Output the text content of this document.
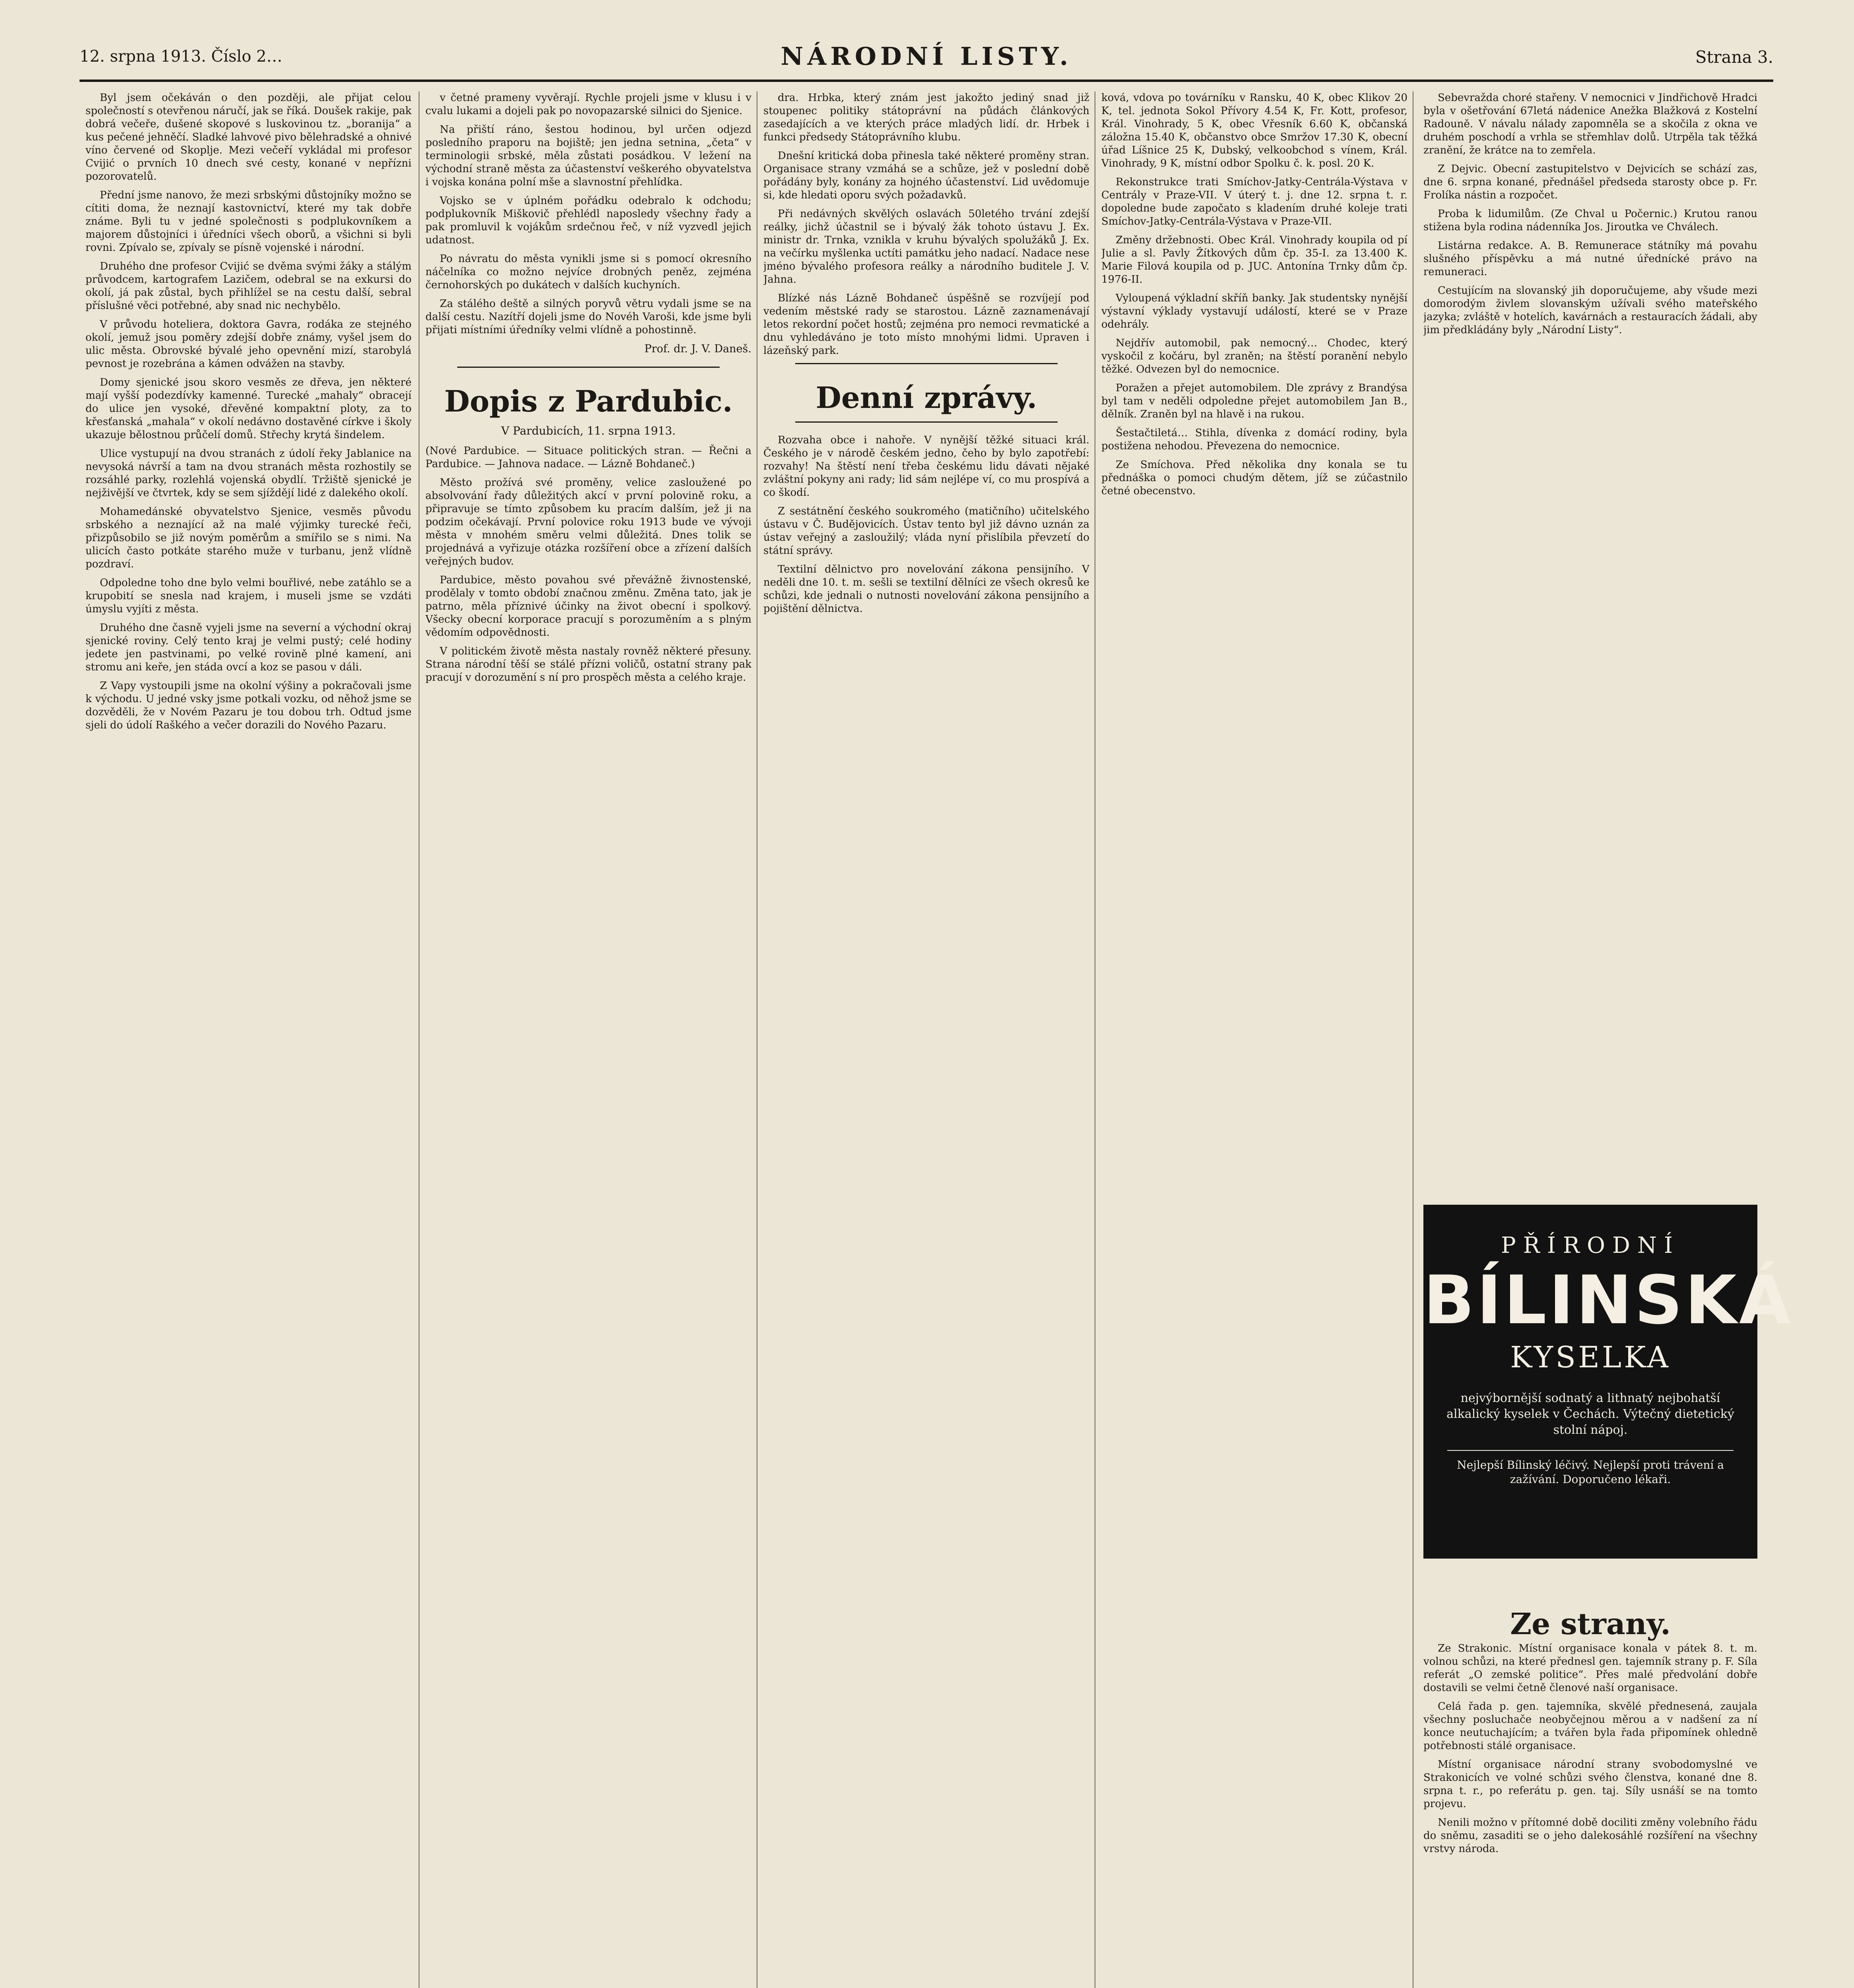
12. srpna 1913. Číslo 2…	NÁRODNÍ LISTY.	Strana 3.

Byl jsem očekáván o den později, ale přijat celou společností s otevřenou náručí, jak se říká. Doušek rakije, pak dobrá večeře, dušené skopové s luskovinou tz. „boranija“ a kus pečené jehněčí. Sladké lahvové pivo bělehradské a ohnivé víno červené od Skoplje. Mezi večeří vykládal mi profesor Cvijić o prvních 10 dnech své cesty, konané v nepřízni pozorovatelů.

Přední jsme nanovo, že mezi srbskými důstojníky možno se cítiti doma, že neznají kastovnictví, které my tak dobře známe. Byli tu v jedné společnosti s podplukovníkem a majorem důstojníci i úředníci všech oborů, a všichni si byli rovni. Zpívalo se, zpívaly se písně vojenské i národní.

Druhého dne profesor Cvijić se dvěma svými žáky a stálým průvodcem, kartografem Lazičem, odebral se na exkursi do okolí, já pak zůstal, bych přihlížel se na cestu další, sebral příslušné věci potřebné, aby snad nic nechybělo.

V průvodu hoteliera, doktora Gavra, rodáka ze stejného okolí, jemuž jsou poměry zdejší dobře známy, vyšel jsem do ulic města. Obrovské bývalé jeho opevnění mizí, starobylá pevnost je rozebrána a kámen odvážen na stavby.

Domy sjenické jsou skoro vesměs ze dřeva, jen některé mají vyšší podezdívky kamenné. Turecké „mahaly“ obracejí do ulice jen vysoké, dřevěné kompaktní ploty, za to křesťanská „mahala“ v okolí nedávno dostavěné církve i školy ukazuje bělostnou průčelí domů. Střechy krytá šindelem.

Ulice vystupují na dvou stranách z údolí řeky Jablanice na nevysoká návrší a tam na dvou stranách města rozhostily se rozsáhlé parky, rozlehlá vojenská obydlí. Tržiště sjenické je nejživější ve čtvrtek, kdy se sem sjíždějí lidé z dalekého okolí.

Mohamedánské obyvatelstvo Sjenice, vesměs původu srbského a neznající až na malé výjimky turecké řeči, přizpůsobilo se již novým poměrům a smířilo se s nimi. Na ulicích často potkáte starého muže v turbanu, jenž vlídně pozdraví.

Odpoledne toho dne bylo velmi bouřlivé, nebe zatáhlo se a krupobití se snesla nad krajem, i museli jsme se vzdáti úmyslu vyjíti z města.

Druhého dne časně vyjeli jsme na severní a východní okraj sjenické roviny. Celý tento kraj je velmi pustý; celé hodiny jedete jen pastvinami, po velké rovině plné kamení, ani stromu ani keře, jen stáda ovcí a koz se pasou v dáli.

Z Vapy vystoupili jsme na okolní výšiny a pokračovali jsme k východu. U jedné vsky jsme potkali vozku, od něhož jsme se dozvěděli, že v Novém Pazaru je tou dobou trh. Odtud jsme sjeli do údolí Raškého a večer dorazili do Nového Pazaru.

v četné prameny vyvěrají. Rychle projeli jsme v klusu i v cvalu lukami a dojeli pak po novopazarské silnici do Sjenice.

Na přiští ráno, šestou hodinou, byl určen odjezd posledního praporu na bojiště; jen jedna setnina, „četa“ v terminologii srbské, měla zůstati posádkou. V ležení na východní straně města za účastenství veškerého obyvatelstva i vojska konána polní mše a slavnostní přehlídka.

Vojsko se v úplném pořádku odebralo k odchodu; podplukovník Miškovič přehlédl naposledy všechny řady a pak promluvil k vojákům srdečnou řeč, v níž vyzvedl jejich udatnost.

Po návratu do města vynikli jsme si s pomocí okresního náčelníka co možno nejvíce drobných peněz, zejména černohorských po dukátech v dalších kuchyních.

Za stálého deště a silných poryvů větru vydali jsme se na další cestu. Nazítří dojeli jsme do Novéh Varoši, kde jsme byli přijati místními úředníky velmi vlídně a pohostinně.

Prof. dr. J. V. Daneš.
Dopis z Pardubic.
V Pardubicích, 11. srpna 1913.

(Nové Pardubice. — Situace politických stran. — Řečni a Pardubice. — Jahnova nadace. — Lázně Bohdaneč.)

Město prožívá své proměny, velice zasloužené po absolvování řady důležitých akcí v první polovině roku, a připravuje se tímto způsobem ku pracím dalším, jež ji na podzim očekávají. První polovice roku 1913 bude ve vývoji města v mnohém směru velmi důležitá. Dnes tolik se projednává a vyřizuje otázka rozšíření obce a zřízení dalších veřejných budov.

Pardubice, město povahou své převážně živnostenské, prodělaly v tomto období značnou změnu. Změna tato, jak je patrno, měla příznivé účinky na život obecní i spolkový. Všecky obecní korporace pracují s porozuměním a s plným vědomím odpovědnosti.

V politickém životě města nastaly rovněž některé přesuny. Strana národní těší se stálé přízni voličů, ostatní strany pak pracují v dorozumění s ní pro prospěch města a celého kraje.

dra. Hrbka, který znám jest jakožto jediný snad již stoupenec politiky státoprávní na půdách článkových zasedajících a ve kterých práce mladých lidí. dr. Hrbek i funkci předsedy Státoprávního klubu.

Dnešní kritická doba přinesla také některé proměny stran. Organisace strany vzmáhá se a schůze, jež v poslední době pořádány byly, konány za hojného účastenství. Lid uvědomuje si, kde hledati oporu svých požadavků.

Při nedávných skvělých oslavách 50letého trvání zdejší reálky, jichž účastnil se i bývalý žák tohoto ústavu J. Ex. ministr dr. Trnka, vznikla v kruhu bývalých spolužáků J. Ex. na večírku myšlenka uctíti památku jeho nadací. Nadace nese jméno bývalého profesora reálky a národního buditele J. V. Jahna.

Blízké nás Lázně Bohdaneč úspěšně se rozvíjejí pod vedením městské rady se starostou. Lázně zaznamenávají letos rekordní počet hostů; zejména pro nemoci revmatické a dnu vyhledáváno je toto místo mnohými lidmi. Upraven i lázeňský park.

Denní zprávy.

Rozvaha obce i nahoře. V nynější těžké situaci král. Českého je v národě českém jedno, čeho by bylo zapotřebí: rozvahy! Na štěstí není třeba českému lidu dávati nějaké zvláštní pokyny ani rady; lid sám nejlépe ví, co mu prospívá a co škodí.

Z sestátnění českého soukromého (matičního) učitelského ústavu v Č. Budějovicích. Ústav tento byl již dávno uznán za ústav veřejný a zasloužilý; vláda nyní přislíbila převzetí do státní správy.

Textilní dělnictvo pro novelování zákona pensijního. V neděli dne 10. t. m. sešli se textilní dělníci ze všech okresů ke schůzi, kde jednali o nutnosti novelování zákona pensijního a pojištění dělnictva.

ková, vdova po továrníku v Ransku, 40 K, obec Klikov 20 K, tel. jednota Sokol Přívory 4.54 K, Fr. Kott, profesor, Král. Vinohrady, 5 K, obec Vřesník 6.60 K, občanská záložna 15.40 K, občanstvo obce Smržov 17.30 K, obecní úřad Líšnice 25 K, Dubský, velkoobchod s vínem, Král. Vinohrady, 9 K, místní odbor Spolku č. k. posl. 20 K.

Rekonstrukce trati Smíchov-Jatky-Centrála-Výstava v Centrály v Praze-VII. V úterý t. j. dne 12. srpna t. r. dopoledne bude započato s kladením druhé koleje trati Smíchov-Jatky-Centrála-Výstava v Praze-VII.

Změny držebnosti. Obec Král. Vinohrady koupila od pí Julie a sl. Pavly Žítkových dům čp. 35-I. za 13.400 K. Marie Filová koupila od p. JUC. Antonína Trnky dům čp. 1976-II.

Vyloupená výkladní skříň banky. Jak studentsky nynější výstavní výklady vystavují událostí, které se v Praze odehrály.

Nejdřív automobil, pak nemocný… Chodec, který vyskočil z kočáru, byl zraněn; na štěstí poranění nebylo těžké. Odvezen byl do nemocnice.

Poražen a přejet automobilem. Dle zprávy z Brandýsa byl tam v neděli odpoledne přejet automobilem Jan B., dělník. Zraněn byl na hlavě i na rukou.

Šestačtiletá… Stihla, dívenka z domácí rodiny, byla postižena nehodou. Převezena do nemocnice.

Ze Smíchova. Před několika dny konala se tu přednáška o pomoci chudým dětem, jíž se zúčastnilo četné obecenstvo.

Sebevražda choré stařeny. V nemocnici v Jindřichově Hradci byla v ošetřování 67letá nádenice Anežka Blažková z Kostelní Radouně. V návalu nálady zapomněla se a skočila z okna ve druhém poschodí a vrhla se střemhlav dolů. Utrpěla tak těžká zranění, že krátce na to zemřela.

Z Dejvic. Obecní zastupitelstvo v Dejvicích se schází zas, dne 6. srpna konané, přednášel předseda starosty obce p. Fr. Frolíka nástin a rozpočet.

Proba k lidumilům. (Ze Chval u Počernic.) Krutou ranou stižena byla rodina nádenníka Jos. Jiroutka ve Chválech.

Listárna redakce. A. B. Remunerace státníky má povahu slušného příspěvku a má nutné úřednícké právo na remuneraci.

Cestujícím na slovanský jih doporučujeme, aby všude mezi domorodým živlem slovanským užívali svého mateřského jazyka; zvláště v hotelích, kavárnách a restauracích žádali, aby jim předkládány byly „Národní Listy“.

PŘÍRODNÍ
BÍLINSKÁ
KYSELKA
nejvýbornější sodnatý a lithnatý nejbohatší alkalický kyselek v Čechách. Výtečný dietetický stolní nápoj.
Nejlepší Bílinský léčivý. Nejlepší proti trávení a zažívání. Doporučeno lékaři.
Ze strany.

Ze Strakonic. Místní organisace konala v pátek 8. t. m. volnou schůzi, na které přednesl gen. tajemník strany p. F. Síla referát „O zemské politice“. Přes malé předvolání dobře dostavili se velmi četně členové naší organisace.

Celá řada p. gen. tajemníka, skvělé přednesená, zaujala všechny posluchače neobyčejnou měrou a v nadšení za ní konce neutuchajícím; a tvářen byla řada připomínek ohledně potřebnosti stálé organisace.

Místní organisace národní strany svobodomyslné ve Strakonicích ve volné schůzi svého členstva, konané dne 8. srpna t. r., po referátu p. gen. taj. Síly usnáší se na tomto projevu.

Nenili možno v přítomné době dociliti změny volebního řádu do sněmu, zasaditi se o jeho dalekosáhlé rozšíření na všechny vrstvy národa.
